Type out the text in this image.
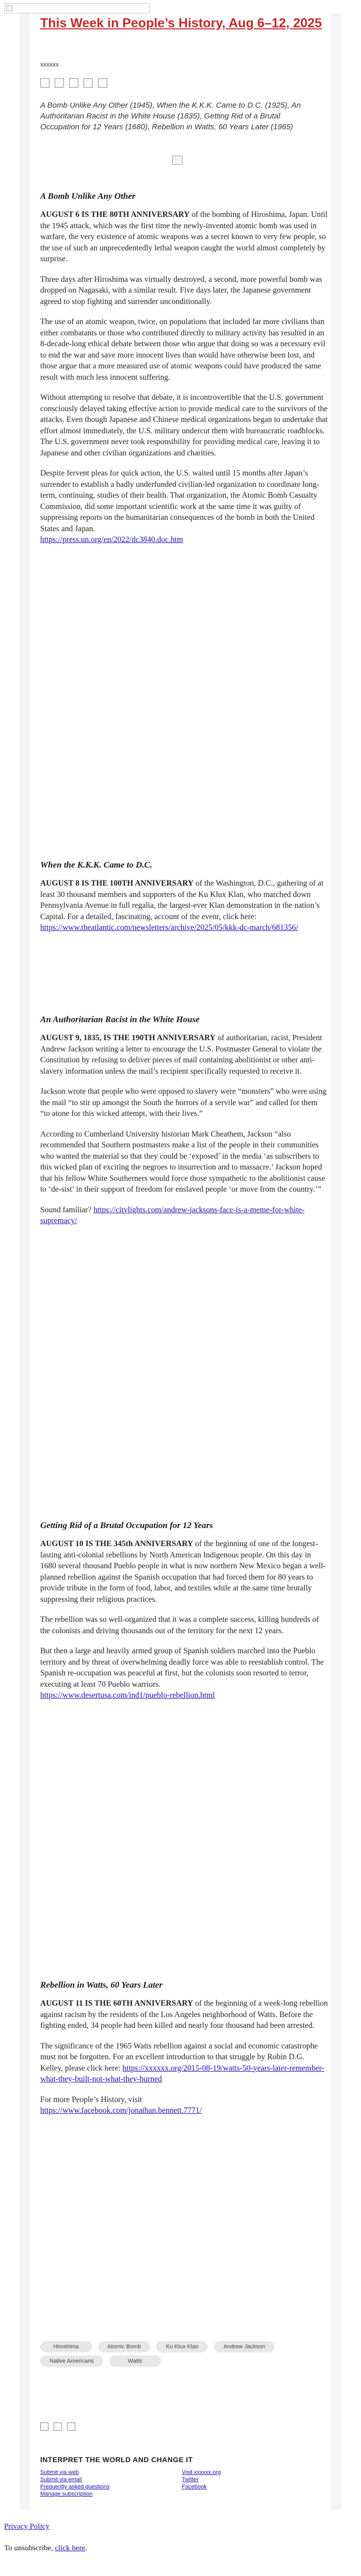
This Week in People’s History, Aug 6–12, 2025
xxxxxx

A Bomb Unlike Any Other (1945), When the K.K.K. Came to D.C. (1925), An Authoritarian Racist in the White House (1835), Getting Rid of a Brutal Occupation for 12 Years (1680), Rebellion in Watts, 60 Years Later (1965)

A Bomb Unlike Any Other

AUGUST 6 IS THE 80TH ANNIVERSARY of the bombing of Hiroshima, Japan. Until the 1945 attack, which was the first time the newly-invented atomic bomb was used in warfare, the very existence of atomic weapons was a secret known to very few people, so the use of such an unprecedentedly lethal weapon caught the world almost completely by surprise.

Three days after Hiroshima was virtually destroyed, a second, more powerful bomb was dropped on Nagasaki, with a similar result. Five days later, the Japanese government agreed to stop fighting and surrender unconditionally.

The use of an atomic weapon, twice, on populations that included far more civilians than either combatants or those who contributed directly to military activity has resulted in an 8-decade-long ethical debate between those who argue that doing so was a necessary evil to end the war and save more innocent lives than would have otherwise been lost, and those argue that a more measured use of atomic weapons could have produced the same result with much less innocent suffering.

Without attempting to resolve that debate, it is incontrovertible that the U.S. government consciously delayed taking effective action to provide medical care to the survivors of the attacks. Even though Japanese and Chinese medical organizations began to undertake that effort almost immediately, the U.S. military undercut them with bureaucratic roadblocks. The U.S. government never took responsibility for providing medical care, leaving it to Japanese and other civilian organizations and charities.

Despite fervent pleas for quick action, the U.S. waited until 15 months after Japan’s surrender to establish a badly underfunded civilian-led organization to coordinate long-term, continuing, studies of their health. That organization, the Atomic Bomb Casualty Commission, did some important scientific work at the same time it was guilty of suppressing reports on the humanitarian consequences of the bomb in both the United States and Japan.
https://press.un.org/en/2022/dc3840.doc.htm

When the K.K.K. Came to D.C.

AUGUST 8 IS THE 100TH ANNIVERSARY of the Washington, D.C., gathering of at least 30 thousand members and supporters of the Ku Klux Klan, who marched down Pennsylvania Avenue in full regalia, the largest-ever Klan demonstration in the nation’s Capital. For a detailed, fascinating, account of the event, click here:
https://www.theatlantic.com/newsletters/archive/2025/05/kkk-dc-march/681356/

An Authoritarian Racist in the White House

AUGUST 9, 1835, IS THE 190TH ANNIVERSARY of authoritarian, racist, President Andrew Jackson writing a letter to encourage the U.S. Postmaster General to violate the Constitution by refusing to deliver pieces of mail containing abolitionist or other anti-slavery information unless the mail’s recipient specifically requested to receive it.

Jackson wrote that people who were opposed to slavery were “monsters” who were using the mail “to stir up amongst the South the horrors of a servile war” and called for them “to atone for this wicked attempt, with their lives.”

According to Cumberland University historian Mark Cheathem, Jackson “also recommended that Southern postmasters make a list of the people in their communities who wanted the material so that they could be ‘exposed’ in the media ‘as subscribers to this wicked plan of exciting the negroes to insurrection and to massacre.’ Jackson hoped that his fellow White Southerners would force those sympathetic to the abolitionist cause to ‘de-sist’ in their support of freedom for enslaved people ‘or move from the country.’”

Sound familiar? https://citylights.com/andrew-jacksons-face-is-a-meme-for-white-supremacy/

Getting Rid of a Brutal Occupation for 12 Years

AUGUST 10 IS THE 345th ANNIVERSARY of the beginning of one of the longest-lasting anti-colonial rebellions by North American Indigenous people. On this day in 1680 several thousand Pueblo people in what is now northern New Mexico began a well-planned rebellion against the Spanish occupation that had forced them for 80 years to provide tribute in the form of food, labor, and textiles while at the same time brutally suppressing their religious practices.

The rebellion was so well-organized that it was a complete success, killing hundreds of the colonists and driving thousands out of the territory for the next 12 years.

But then a large and heavily armed group of Spanish soldiers marched into the Pueblo territory and by threat of overwhelming deadly force was able to reestablish control. The Spanish re-occupation was peaceful at first, but the colonists soon resorted to terror, executing at least 70 Pueblo warriors.
https://www.desertusa.com/ind1/pueblo-rebellion.html

Rebellion in Watts, 60 Years Later

AUGUST 11 IS THE 60TH ANNIVERSARY of the beginning of a week-long rebellion against racism by the residents of the Los Angeles neighborhood of Watts. Before the fighting ended, 34 people had been killed and nearly four thousand had been arrested.

The significance of the 1965 Watts rebellion against a social and economic catastrophe must not be forgotten. For an excellent introduction to that struggle by Robin D.G. Kelley, please click here: https://xxxxxx.org/2015-08-19/watts-50-years-later-remember-what-they-built-not-what-they-burned

For more People’s History, visit
https://www.facebook.com/jonathan.bennett.7771/

Hiroshima	Atomic Bomb	Ku Klux Klan	Andrew Jackson
Native Americans	Watts
INTERPRET THE WORLD AND CHANGE IT
Submit via web
Submit via email
Frequently asked questions
Manage subscription
Visit xxxxxx.org
Twitter
Facebook
Privacy Policy
To unsubscribe, click here.
